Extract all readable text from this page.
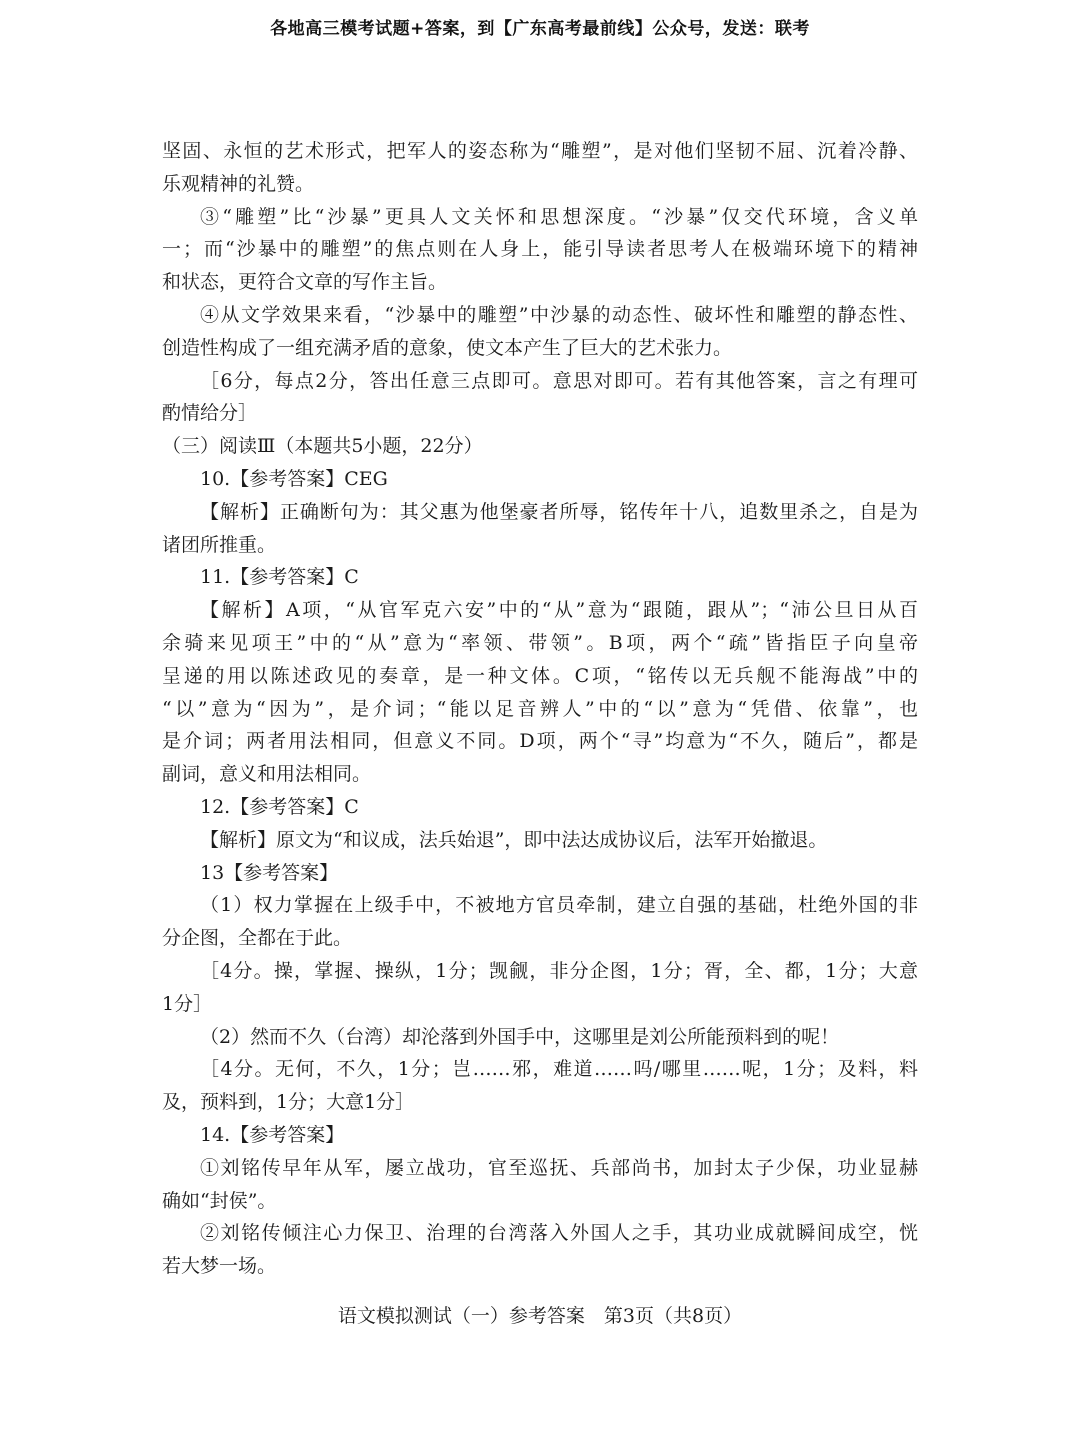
各地高三模考试题+答案，到【广东高考最前线】公众号，发送：联考
坚固、永恒的艺术形式，把军人的姿态称为“雕塑”，是对他们坚韧不屈、沉着冷静、
乐观精神的礼赞。
③“雕塑”比“沙暴”更具人文关怀和思想深度。“沙暴”仅交代环境，含义单
一；而“沙暴中的雕塑”的焦点则在人身上，能引导读者思考人在极端环境下的精神
和状态，更符合文章的写作主旨。
④从文学效果来看，“沙暴中的雕塑”中沙暴的动态性、破坏性和雕塑的静态性、
创造性构成了一组充满矛盾的意象，使文本产生了巨大的艺术张力。
［6分，每点2分，答出任意三点即可。意思对即可。若有其他答案，言之有理可
酌情给分］
（三）阅读Ⅲ（本题共5小题，22分）
10.【参考答案】CEG
【解析】正确断句为：其父惠为他堡豪者所辱，铭传年十八，追数里杀之，自是为
诸团所推重。
11.【参考答案】C
【解析】A项，“从官军克六安”中的“从”意为“跟随，跟从”；“沛公旦日从百
余骑来见项王”中的“从”意为“率领、带领”。B项，两个“疏”皆指臣子向皇帝
呈递的用以陈述政见的奏章，是一种文体。C项，“铭传以无兵舰不能海战”中的
“以”意为“因为”，是介词；“能以足音辨人”中的“以”意为“凭借、依靠”，也
是介词；两者用法相同，但意义不同。D项，两个“寻”均意为“不久，随后”，都是
副词，意义和用法相同。
12.【参考答案】C
【解析】原文为“和议成，法兵始退”，即中法达成协议后，法军开始撤退。
13【参考答案】
（1）权力掌握在上级手中，不被地方官员牵制，建立自强的基础，杜绝外国的非
分企图，全都在于此。
［4分。操，掌握、操纵，1分；觊觎，非分企图，1分；胥，全、都，1分；大意
1分］
（2）然而不久（台湾）却沦落到外国手中，这哪里是刘公所能预料到的呢！
［4分。无何，不久，1分；岂……邪，难道……吗/哪里……呢，1分；及料，料
及，预料到，1分；大意1分］
14.【参考答案】
①刘铭传早年从军，屡立战功，官至巡抚、兵部尚书，加封太子少保，功业显赫
确如“封侯”。
②刘铭传倾注心力保卫、治理的台湾落入外国人之手，其功业成就瞬间成空，恍
若大梦一场。
语文模拟测试（一）参考答案　第3页（共8页）
